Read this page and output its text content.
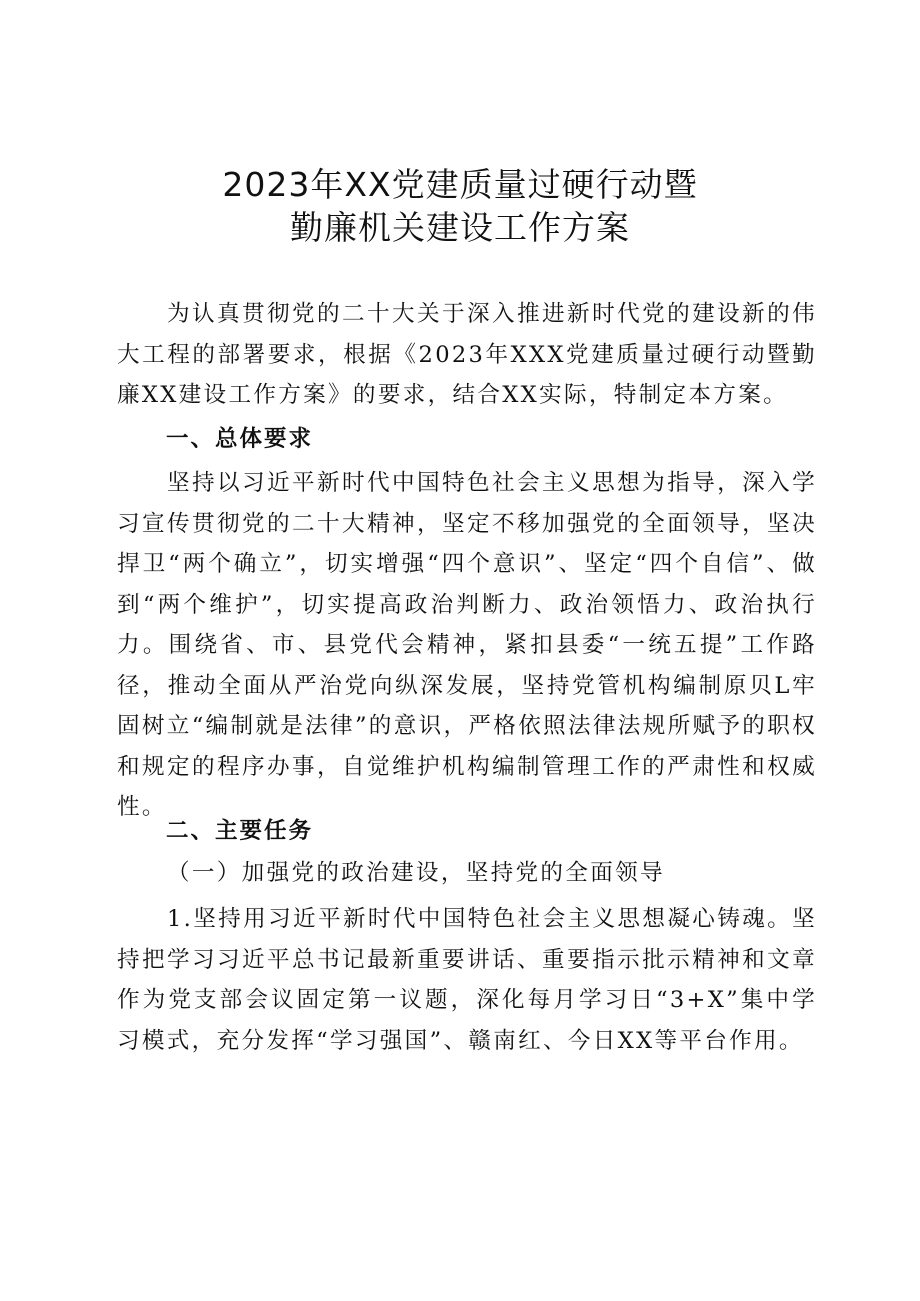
2023年XX党建质量过硬行动暨
勤廉机关建设工作方案

为认真贯彻党的二十大关于深入推进新时代党的建设新的伟大工程的部署要求，根据《2023年XXX党建质量过硬行动暨勤廉XX建设工作方案》的要求，结合XX实际，特制定本方案。

一、总体要求

坚持以习近平新时代中国特色社会主义思想为指导，深入学习宣传贯彻党的二十大精神，坚定不移加强党的全面领导，坚决捍卫“两个确立”，切实增强“四个意识”、坚定“四个自信”、做到“两个维护”，切实提高政治判断力、政治领悟力、政治执行力。围绕省、市、县党代会精神，紧扣县委“一统五提”工作路径，推动全面从严治党向纵深发展，坚持党管机构编制原贝L牢固树立“编制就是法律”的意识，严格依照法律法规所赋予的职权和规定的程序办事，自觉维护机构编制管理工作的严肃性和权威性。

二、主要任务
（一）加强党的政治建设，坚持党的全面领导

1.坚持用习近平新时代中国特色社会主义思想凝心铸魂。坚持把学习习近平总书记最新重要讲话、重要指示批示精神和文章作为党支部会议固定第一议题，深化每月学习日“3+X”集中学习模式，充分发挥“学习强国”、赣南红、今日XX等平台作用。
